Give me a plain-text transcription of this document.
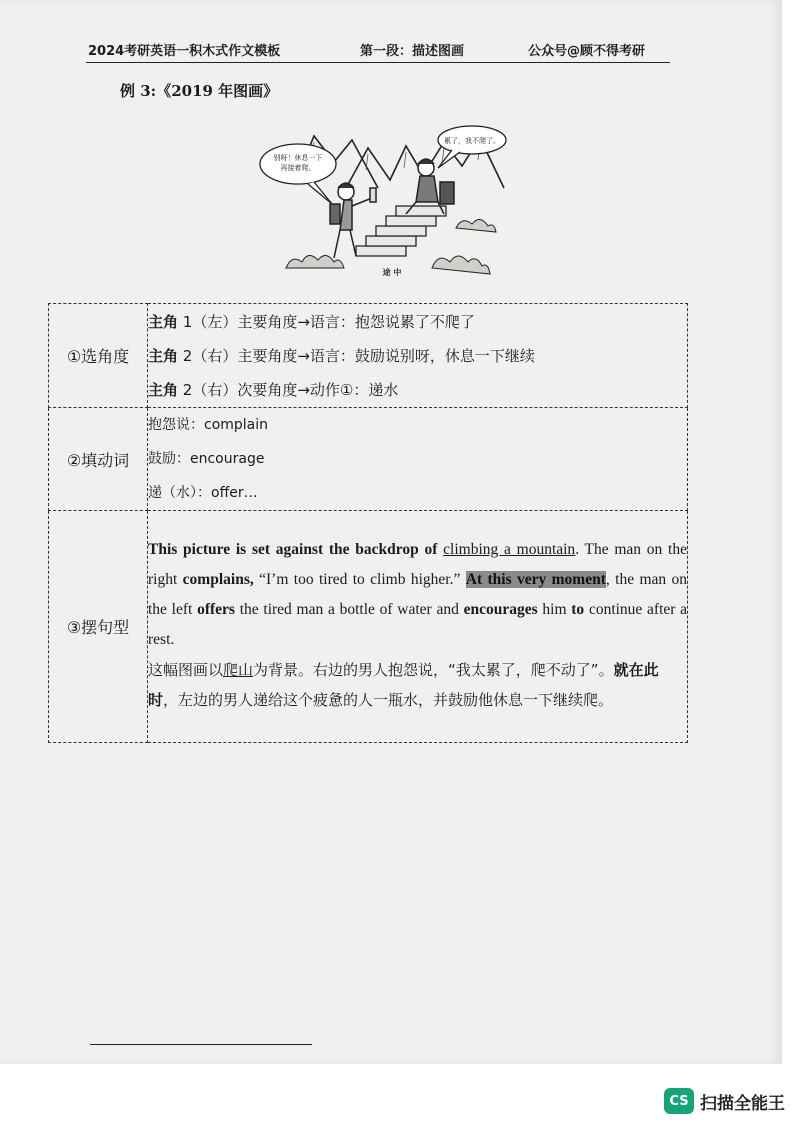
2024考研英语一积木式作文模板	第一段：描述图画	公众号@顾不得考研
例 3:《2019 年图画》
别呀！休息一下
再接着爬。
累了，我不爬了。
途 中
①选角度	主角 1（左）主要角度→语言：抱怨说累了不爬了
主角 2（右）主要角度→语言：鼓励说别呀，休息一下继续
主角 2（右）次要角度→动作①：递水

②填动词	抱怨说：complain
鼓励：encourage
递（水）：offer…

③摆句型	This picture is set against the backdrop of climbing a mountain. The man on the right complains, “I’m too tired to climb higher.” At this very moment, the man on the left offers the tired man a bottle of water and encourages him to continue after a rest.
这幅图画以爬山为背景。右边的男人抱怨说，“我太累了，爬不动了”。就在此时，左边的男人递给这个疲惫的人一瓶水，并鼓励他休息一下继续爬。
CS 扫描全能王
